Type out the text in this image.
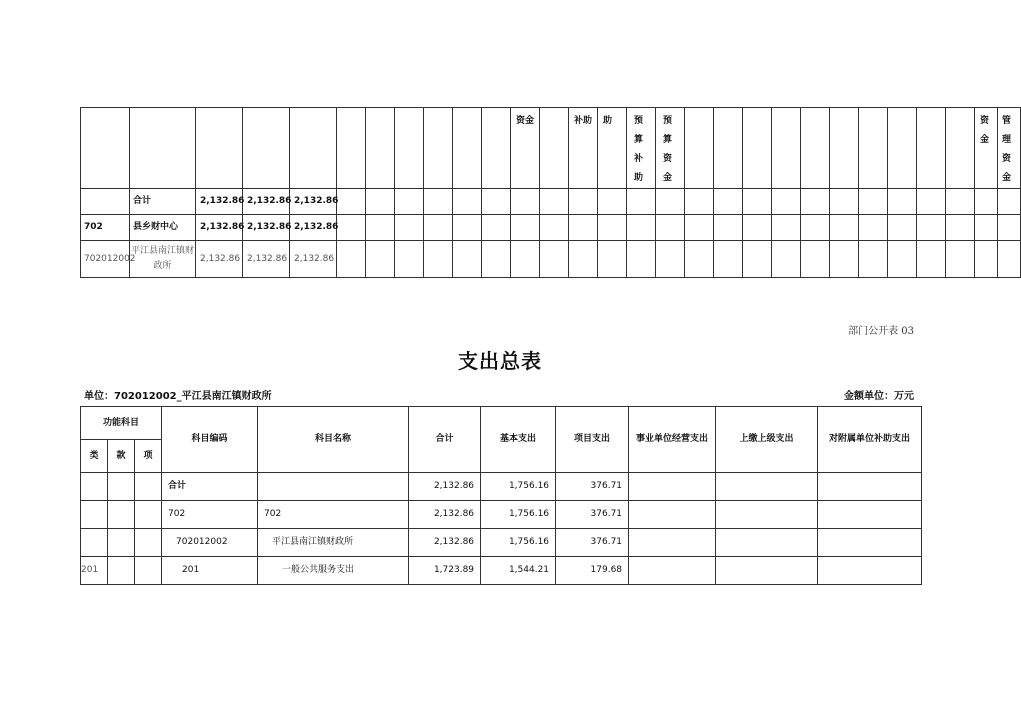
											资金		补助	助	预算补助	预算资金											资金	管理资金

	合计	2,132.86	2,132.86	2,132.86																								
702	县乡财中心	2,132.86	2,132.86	2,132.86																								
702012002	平江县南江镇财政所	2,132.86	2,132.86	2,132.86																								
部门公开表 03
支出总表
单位：702012002_平江县南江镇财政所	金额单位：万元
功能科目			科目编码	科目名称	合计	基本支出	项目支出	事业单位经营支出	上缴上级支出	对附属单位补助支出
类	款	项								
			合计		2,132.86	1,756.16	376.71			
			702	702	2,132.86	1,756.16	376.71			
			702012002	平江县南江镇财政所	2,132.86	1,756.16	376.71			
201			201	一般公共服务支出	1,723.89	1,544.21	179.68			
